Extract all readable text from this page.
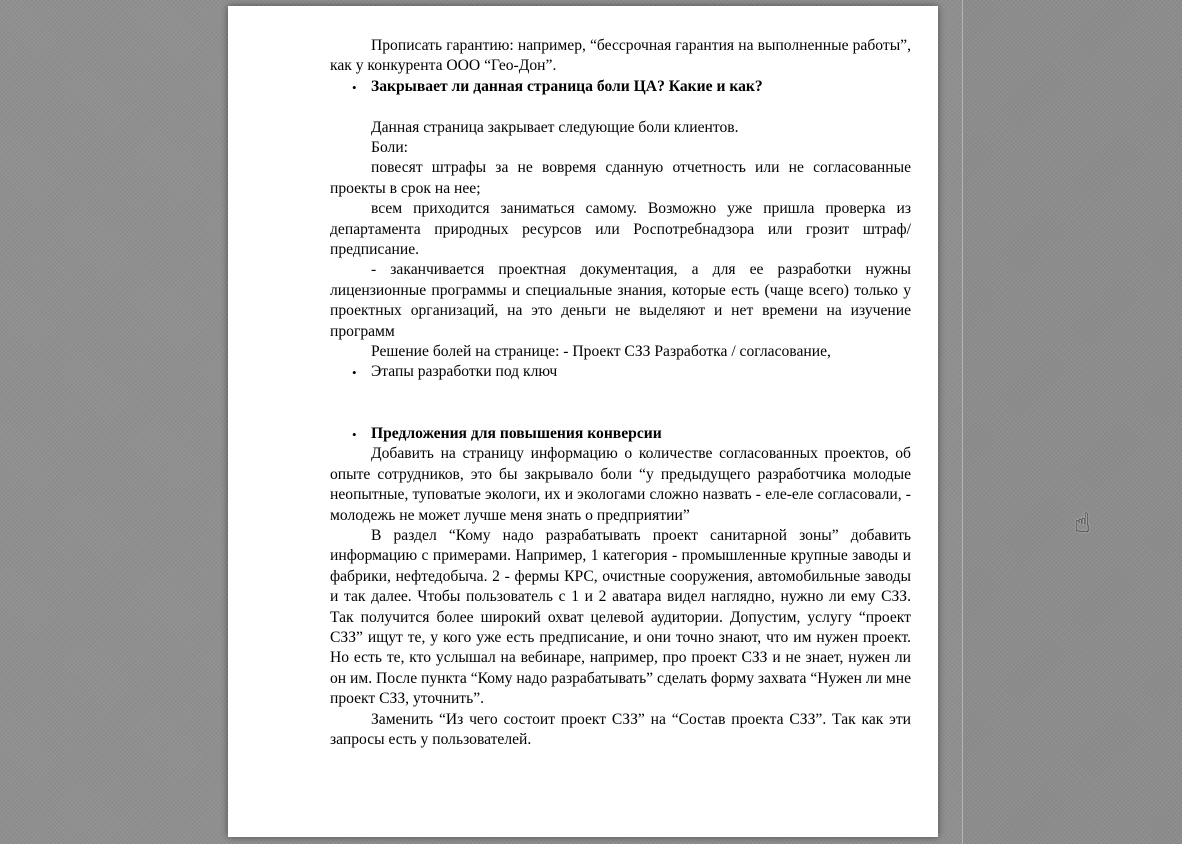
Прописать гарантию: например, “бессрочная гарантия на выполненные работы”, как у конкурента ООО “Гео-Дон”.

• Закрывает ли данная страница боли ЦА? Какие и как?

Данная страница закрывает следующие боли клиентов.

Боли:

повесят штрафы за не вовремя сданную отчетность или не согласованные проекты в срок на нее;

всем приходится заниматься самому. Возможно уже пришла проверка из департамента природных ресурсов или Роспотребнадзора или грозит штраф/предписание.

- заканчивается проектная документация, а для ее разработки нужны лицензионные программы и специальные знания, которые есть (чаще всего) только у проектных организаций, на это деньги не выделяют и нет времени на изучение программ

Решение болей на странице: - Проект СЗЗ Разработка / согласование,

• Этапы разработки под ключ
• Предложения для повышения конверсии

Добавить на страницу информацию о количестве согласованных проектов, об опыте сотрудников, это бы закрывало боли “у предыдущего разработчика молодые неопытные, туповатые экологи, их и экологами сложно назвать - еле-еле согласовали, - молодежь не может лучше меня знать о предприятии”

В раздел “Кому надо разрабатывать проект санитарной зоны” добавить информацию с примерами. Например, 1 категория - промышленные крупные заводы и фабрики, нефтедобыча. 2 - фермы КРС, очистные сооружения, автомобильные заводы и так далее. Чтобы пользователь с 1 и 2 аватара видел наглядно, нужно ли ему СЗЗ. Так получится более широкий охват целевой аудитории. Допустим, услугу “проект СЗЗ” ищут те, у кого уже есть предписание, и они точно знают, что им нужен проект. Но есть те, кто услышал на вебинаре, например, про проект СЗЗ и не знает, нужен ли он им. После пункта “Кому надо разрабатывать” сделать форму захвата “Нужен ли мне проект СЗЗ, уточнить”.

Заменить “Из чего состоит проект СЗЗ” на “Состав проекта СЗЗ”. Так как эти запросы есть у пользователей.

☝
